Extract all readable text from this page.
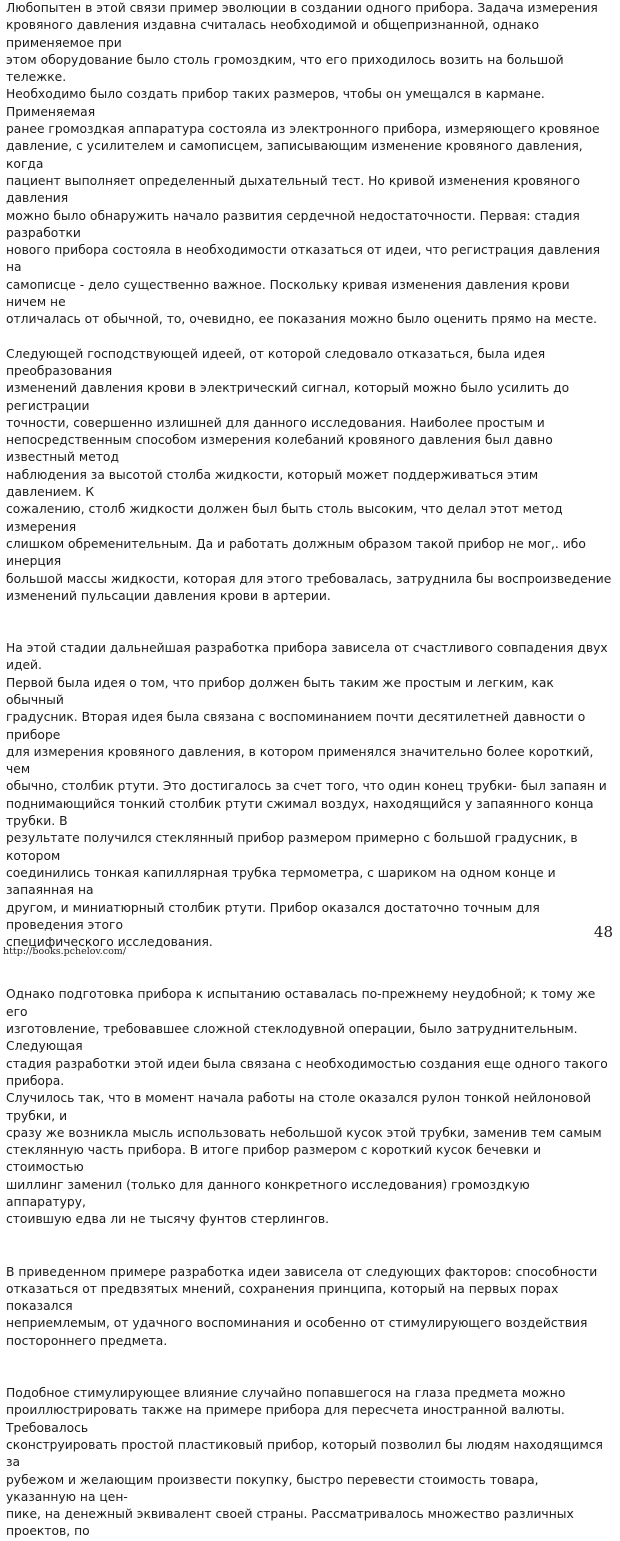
Любопытен в этой связи пример эволюции в создании одного прибора. Задача измерения
кровяного давления издавна считалась необходимой и общепризнанной, однако применяемое при
этом оборудование было столь громоздким, что его приходилось возить на большой тележке.
Необходимо было создать прибор таких размеров, чтобы он умещался в кармане. Применяемая
ранее громоздкая аппаратура состояла из электронного прибора, измеряющего кровяное
давление, с усилителем и самописцем, записывающим изменение кровяного давления, когда
пациент выполняет определенный дыхательный тест. Но кривой изменения кровяного давления
можно было обнаружить начало развития сердечной недостаточности. Первая: стадия разработки
нового прибора состояла в необходимости отказаться от идеи, что регистрация давления на
самописце - дело существенно важное. Поскольку кривая изменения давления крови ничем не
отличалась от обычной, то, очевидно, ее показания можно было оценить прямо на месте.

Следующей господствующей идеей, от которой следовало отказаться, была идея преобразования
изменений давления крови в электрический сигнал, который можно было усилить до регистрации
точности, совершенно излишней для данного исследования. Наиболее простым и
непосредственным способом измерения колебаний кровяного давления был давно известный метод
наблюдения за высотой столба жидкости, который может поддерживаться этим давлением. К
сожалению, столб жидкости должен был быть столь высоким, что делал этот метод измерения
слишком обременительным. Да и работать должным образом такой прибор не мог,. ибо инерция
большой массы жидкости, которая для этого требовалась, затруднила бы воспроизведение
изменений пульсации давления крови в артерии.

На этой стадии дальнейшая разработка прибора зависела от счастливого совпадения двух идей.
Первой была идея о том, что прибор должен быть таким же простым и легким, как обычный
градусник. Вторая идея была связана с воспоминанием почти десятилетней давности о приборе
для измерения кровяного давления, в котором применялся значительно более короткий, чем
обычно, столбик ртути. Это достигалось за счет того, что один конец трубки- был запаян и
поднимающийся тонкий столбик ртути сжимал воздух, находящийся у запаянного конца трубки. В
результате получился стеклянный прибор размером примерно с большой градусник, в котором
соединились тонкая капиллярная трубка термометра, с шариком на одном конце и запаянная на
другом, и миниатюрный столбик ртути. Прибор оказался достаточно точным для проведения этого
специфического исследования.

Однако подготовка прибора к испытанию оставалась по-прежнему неудобной; к тому же его
изготовление, требовавшее сложной стеклодувной операции, было затруднительным. Следующая
стадия разработки этой идеи была связана с необходимостью создания еще одного такого прибора.
Случилось так, что в момент начала работы на столе оказался рулон тонкой нейлоновой трубки, и
сразу же возникла мысль использовать небольшой кусок этой трубки, заменив тем самым
стеклянную часть прибора. В итоге прибор размером с короткий кусок бечевки и стоимостью
шиллинг заменил (только для данного конкретного исследования) громоздкую аппаратуру,
стоившую едва ли не тысячу фунтов стерлингов.

В приведенном примере разработка идеи зависела от следующих факторов: способности
отказаться от предвзятых мнений, сохранения принципа, который на первых порах показался
неприемлемым, от удачного воспоминания и особенно от стимулирующего воздействия
постороннего предмета.

Подобное стимулирующее влияние случайно попавшегося на глаза предмета можно
проиллюстрировать также на примере прибора для пересчета иностранной валюты. Требовалось
сконструировать простой пластиковый прибор, который позволил бы людям находящимся за
рубежом и желающим произвести покупку, быстро перевести стоимость товара, указанную на цен-
пике, на денежный эквивалент своей страны. Рассматривалось множество различных проектов, по

48
http://books.pchelov.com/
